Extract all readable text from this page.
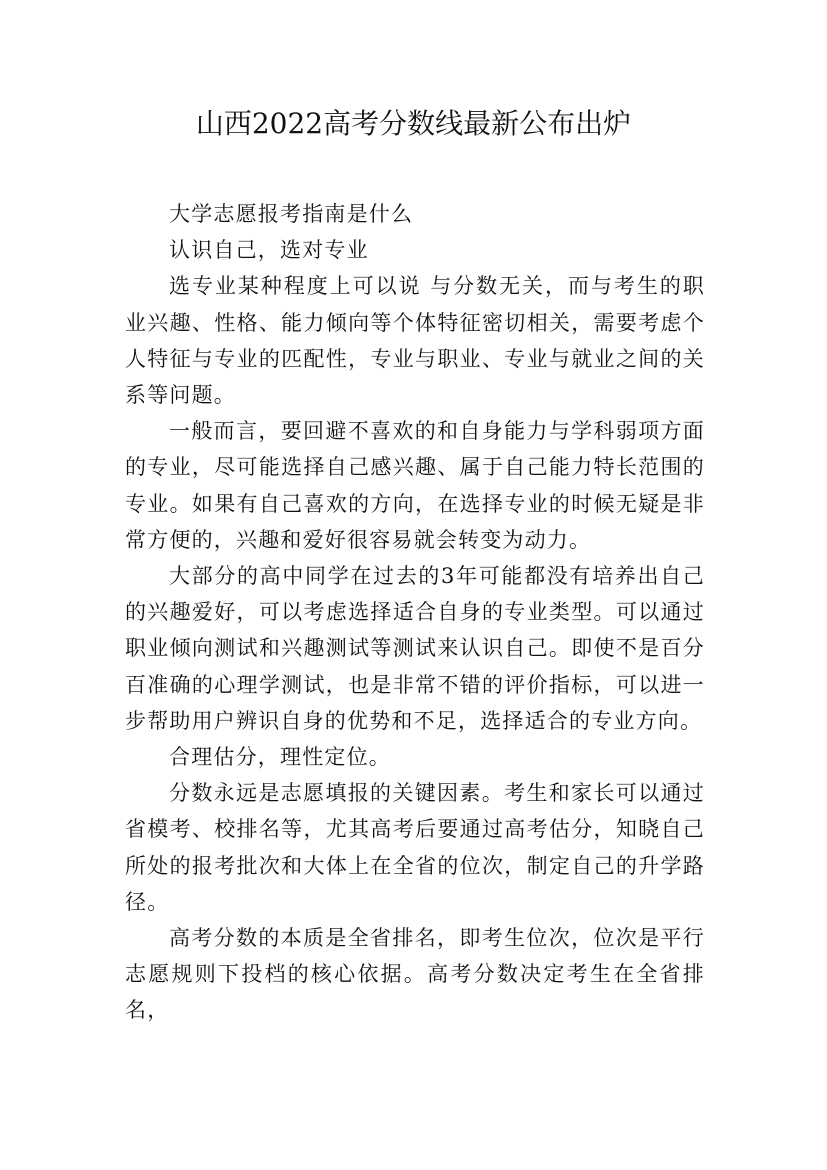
山西2022高考分数线最新公布出炉

大学志愿报考指南是什么

认识自己，选对专业

选专业某种程度上可以说 与分数无关，而与考生的职业兴趣、性格、能力倾向等个体特征密切相关，需要考虑个人特征与专业的匹配性，专业与职业、专业与就业之间的关系等问题。

一般而言，要回避不喜欢的和自身能力与学科弱项方面的专业，尽可能选择自己感兴趣、属于自己能力特长范围的专业。如果有自己喜欢的方向，在选择专业的时候无疑是非常方便的，兴趣和爱好很容易就会转变为动力。

大部分的高中同学在过去的3年可能都没有培养出自己的兴趣爱好，可以考虑选择适合自身的专业类型。可以通过职业倾向测试和兴趣测试等测试来认识自己。即使不是百分百准确的心理学测试，也是非常不错的评价指标，可以进一步帮助用户辨识自身的优势和不足，选择适合的专业方向。

合理估分，理性定位。

分数永远是志愿填报的关键因素。考生和家长可以通过省模考、校排名等，尤其高考后要通过高考估分，知晓自己所处的报考批次和大体上在全省的位次，制定自己的升学路径。

高考分数的本质是全省排名，即考生位次，位次是平行志愿规则下投档的核心依据。高考分数决定考生在全省排名，
